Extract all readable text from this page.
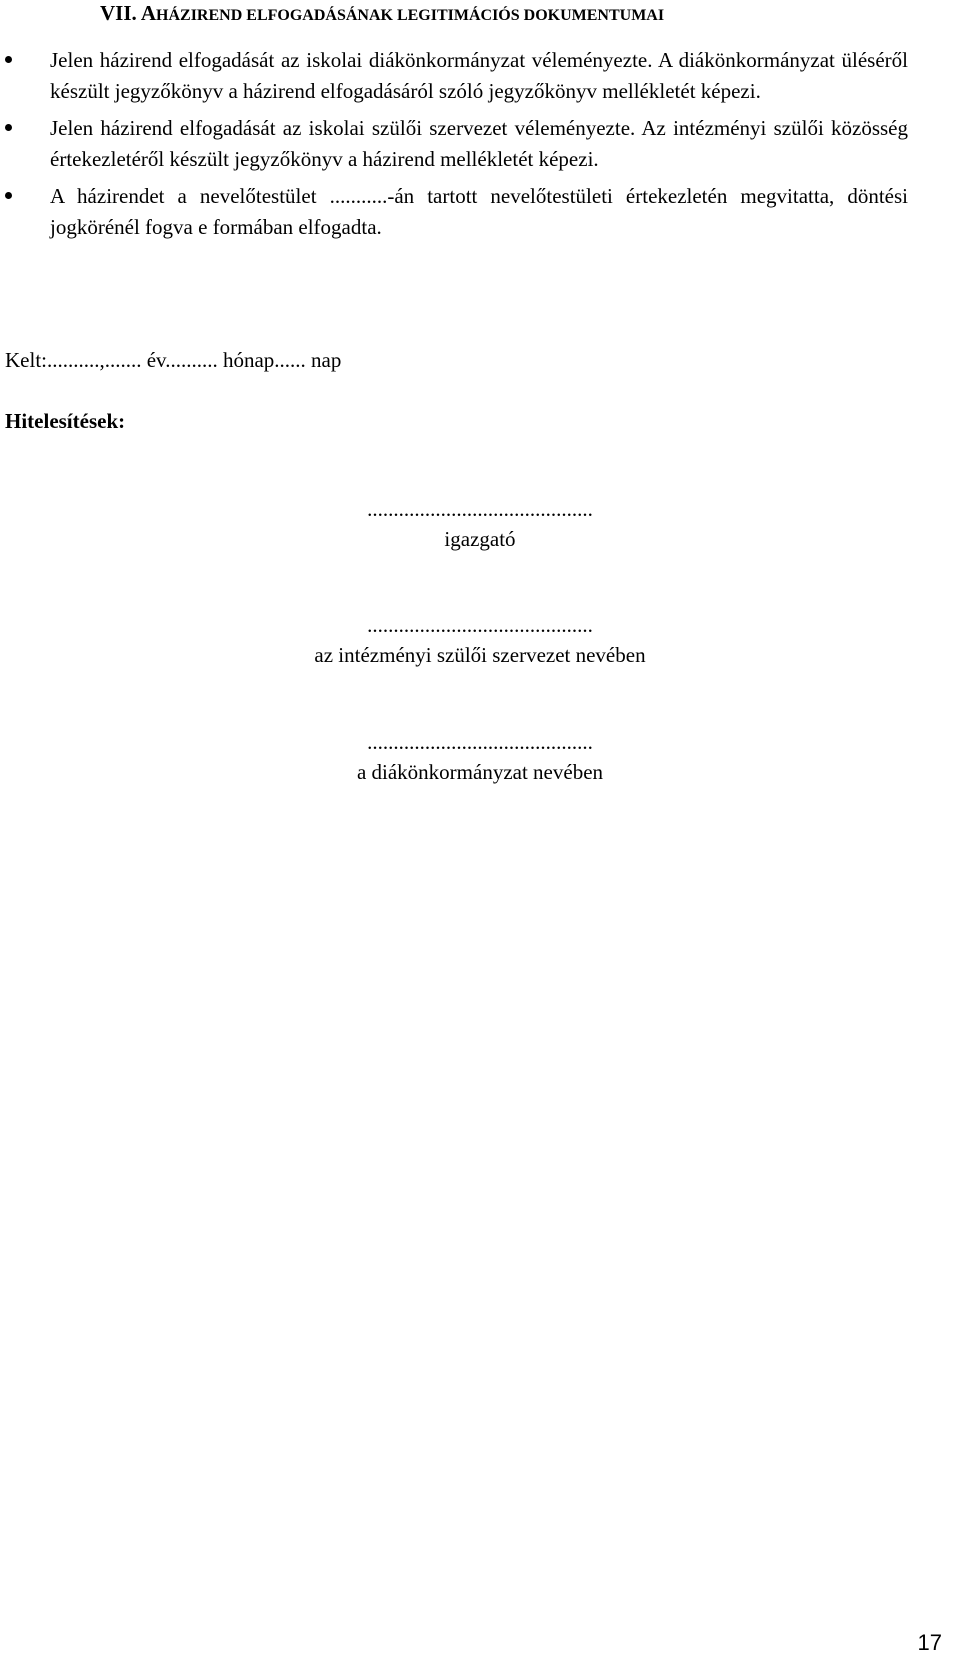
VII. AHÁZIREND ELFOGADÁSÁNAK LEGITIMÁCIÓS DOKUMENTUMAI
Jelen házirend elfogadását az iskolai diákönkormányzat véleményezte. A diákönkormányzat üléséről készült jegyzőkönyv a házirend elfogadásáról szóló jegyzőkönyv mellékletét képezi.
Jelen házirend elfogadását az iskolai szülői szervezet véleményezte. Az intézményi szülői közösség értekezletéről készült jegyzőkönyv a házirend mellékletét képezi.
A házirendet a nevelőtestület ...........-án tartott nevelőtestületi értekezletén megvitatta, döntési jogkörénél fogva e formában elfogadta.
Kelt:..........,....... év.......... hónap...... nap
Hitelesítések:
...........................................
igazgató
...........................................
az intézményi szülői szervezet nevében
...........................................
a diákönkormányzat nevében
17
